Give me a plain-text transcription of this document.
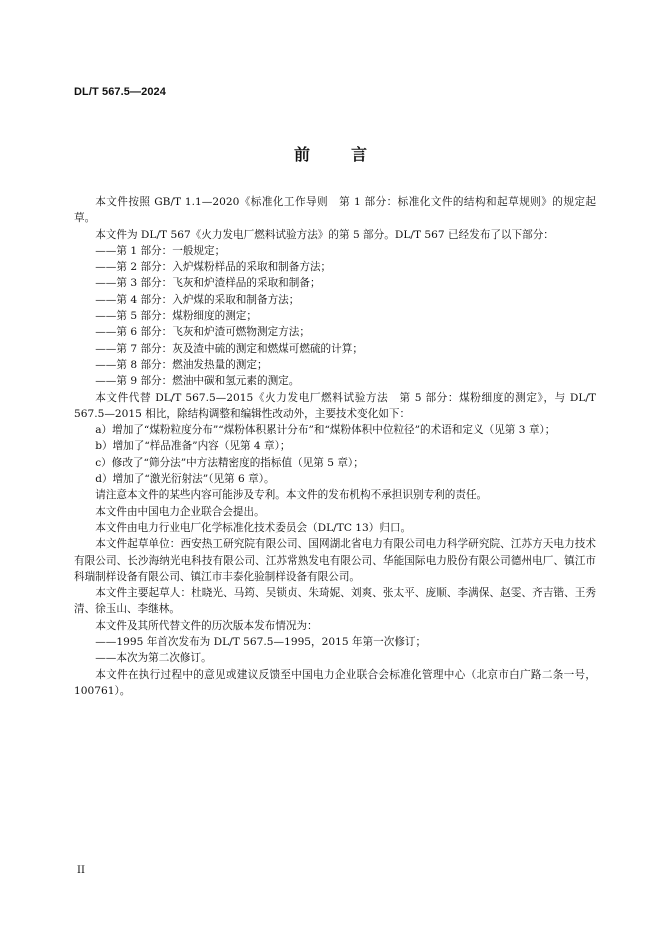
DL/T 567.5—2024
前	言

本文件按照 GB/T 1.1—2020《标准化工作导则　第 1 部分：标准化文件的结构和起草规则》的规定起草。

本文件为 DL/T 567《火力发电厂燃料试验方法》的第 5 部分。DL/T 567 已经发布了以下部分：

——第 1 部分：一般规定；

——第 2 部分：入炉煤粉样品的采取和制备方法；

——第 3 部分：飞灰和炉渣样品的采取和制备；

——第 4 部分：入炉煤的采取和制备方法；

——第 5 部分：煤粉细度的测定；

——第 6 部分：飞灰和炉渣可燃物测定方法；

——第 7 部分：灰及渣中硫的测定和燃煤可燃硫的计算；

——第 8 部分：燃油发热量的测定；

——第 9 部分：燃油中碳和氢元素的测定。

本文件代替 DL/T 567.5—2015《火力发电厂燃料试验方法　第 5 部分：煤粉细度的测定》，与 DL/T 567.5—2015 相比，除结构调整和编辑性改动外，主要技术变化如下：

a）增加了“煤粉粒度分布”“煤粉体积累计分布”和“煤粉体积中位粒径”的术语和定义（见第 3 章）；

b）增加了“样品准备”内容（见第 4 章）；

c）修改了“筛分法”中方法精密度的指标值（见第 5 章）；

d）增加了“激光衍射法”（见第 6 章）。

请注意本文件的某些内容可能涉及专利。本文件的发布机构不承担识别专利的责任。

本文件由中国电力企业联合会提出。

本文件由电力行业电厂化学标准化技术委员会（DL/TC 13）归口。

本文件起草单位：西安热工研究院有限公司、国网湖北省电力有限公司电力科学研究院、江苏方天电力技术有限公司、长沙海纳光电科技有限公司、江苏常熟发电有限公司、华能国际电力股份有限公司德州电厂、镇江市科瑞制样设备有限公司、镇江市丰泰化验制样设备有限公司。

本文件主要起草人：杜晓光、马筠、吴锁贞、朱琦妮、刘爽、张太平、庞顺、李满保、赵雯、齐吉锴、王秀清、徐玉山、李继林。

本文件及其所代替文件的历次版本发布情况为：

——1995 年首次发布为 DL/T 567.5—1995，2015 年第一次修订；

——本次为第二次修订。

本文件在执行过程中的意见或建议反馈至中国电力企业联合会标准化管理中心（北京市白广路二条一号，100761）。

II
